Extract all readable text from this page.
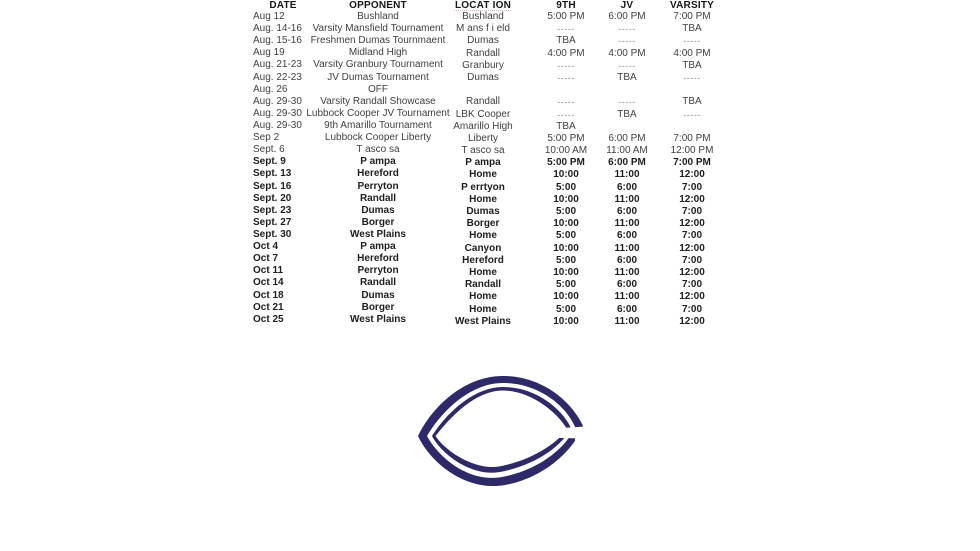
DATE
Aug 12
Aug. 14-16
Aug. 15-16
Aug 19
Aug. 21-23
Aug. 22-23
Aug. 26
Aug. 29-30
Aug. 29-30
Aug. 29-30
Sep 2
Sept. 6
Sept. 9
Sept. 13
Sept. 16
Sept. 20
Sept. 23
Sept. 27
Sept. 30
Oct 4
Oct 7
Oct 11
Oct 14
Oct 18
Oct 21
Oct 25
OPPONENT
Bushland
Varsity Mansfield Tournament
Freshmen Dumas Tournmaent
Midland High
Varsity Granbury Tournament
JV Dumas Tournament
OFF
Varsity Randall Showcase
Lubbock Cooper JV Tournament
9th Amarillo Tournament
Lubbock Cooper Liberty
T asco sa
P ampa
Hereford
Perryton
Randall
Dumas
Borger
West Plains
P ampa
Hereford
Perryton
Randall
Dumas
Borger
West Plains
LOCAT ION
Bushland
M ans f i eld
Dumas
Randall
Granbury
Dumas
Randall
LBK Cooper
Amarillo High
Liberty
T asco sa
P ampa
Home
P errtyon
Home
Dumas
Borger
Home
Canyon
Hereford
Home
Randall
Home
Home
West Plains
9TH
5:00 PM
-----
TBA
4:00 PM
-----
-----
-----
-----
TBA
5:00 PM
10:00 AM
5:00 PM
10:00
5:00
10:00
5:00
10:00
5:00
10:00
5:00
10:00
5:00
10:00
5:00
10:00
JV
6:00 PM
-----
-----
4:00 PM
-----
TBA
-----
TBA
6:00 PM
11:00 AM
6:00 PM
11:00
6:00
11:00
6:00
11:00
6:00
11:00
6:00
11:00
6:00
11:00
6:00
11:00
VARSITY
7:00 PM
TBA
-----
4:00 PM
TBA
-----
TBA
-----
7:00 PM
12:00 PM
7:00 PM
12:00
7:00
12:00
7:00
12:00
7:00
12:00
7:00
12:00
7:00
12:00
7:00
12:00
